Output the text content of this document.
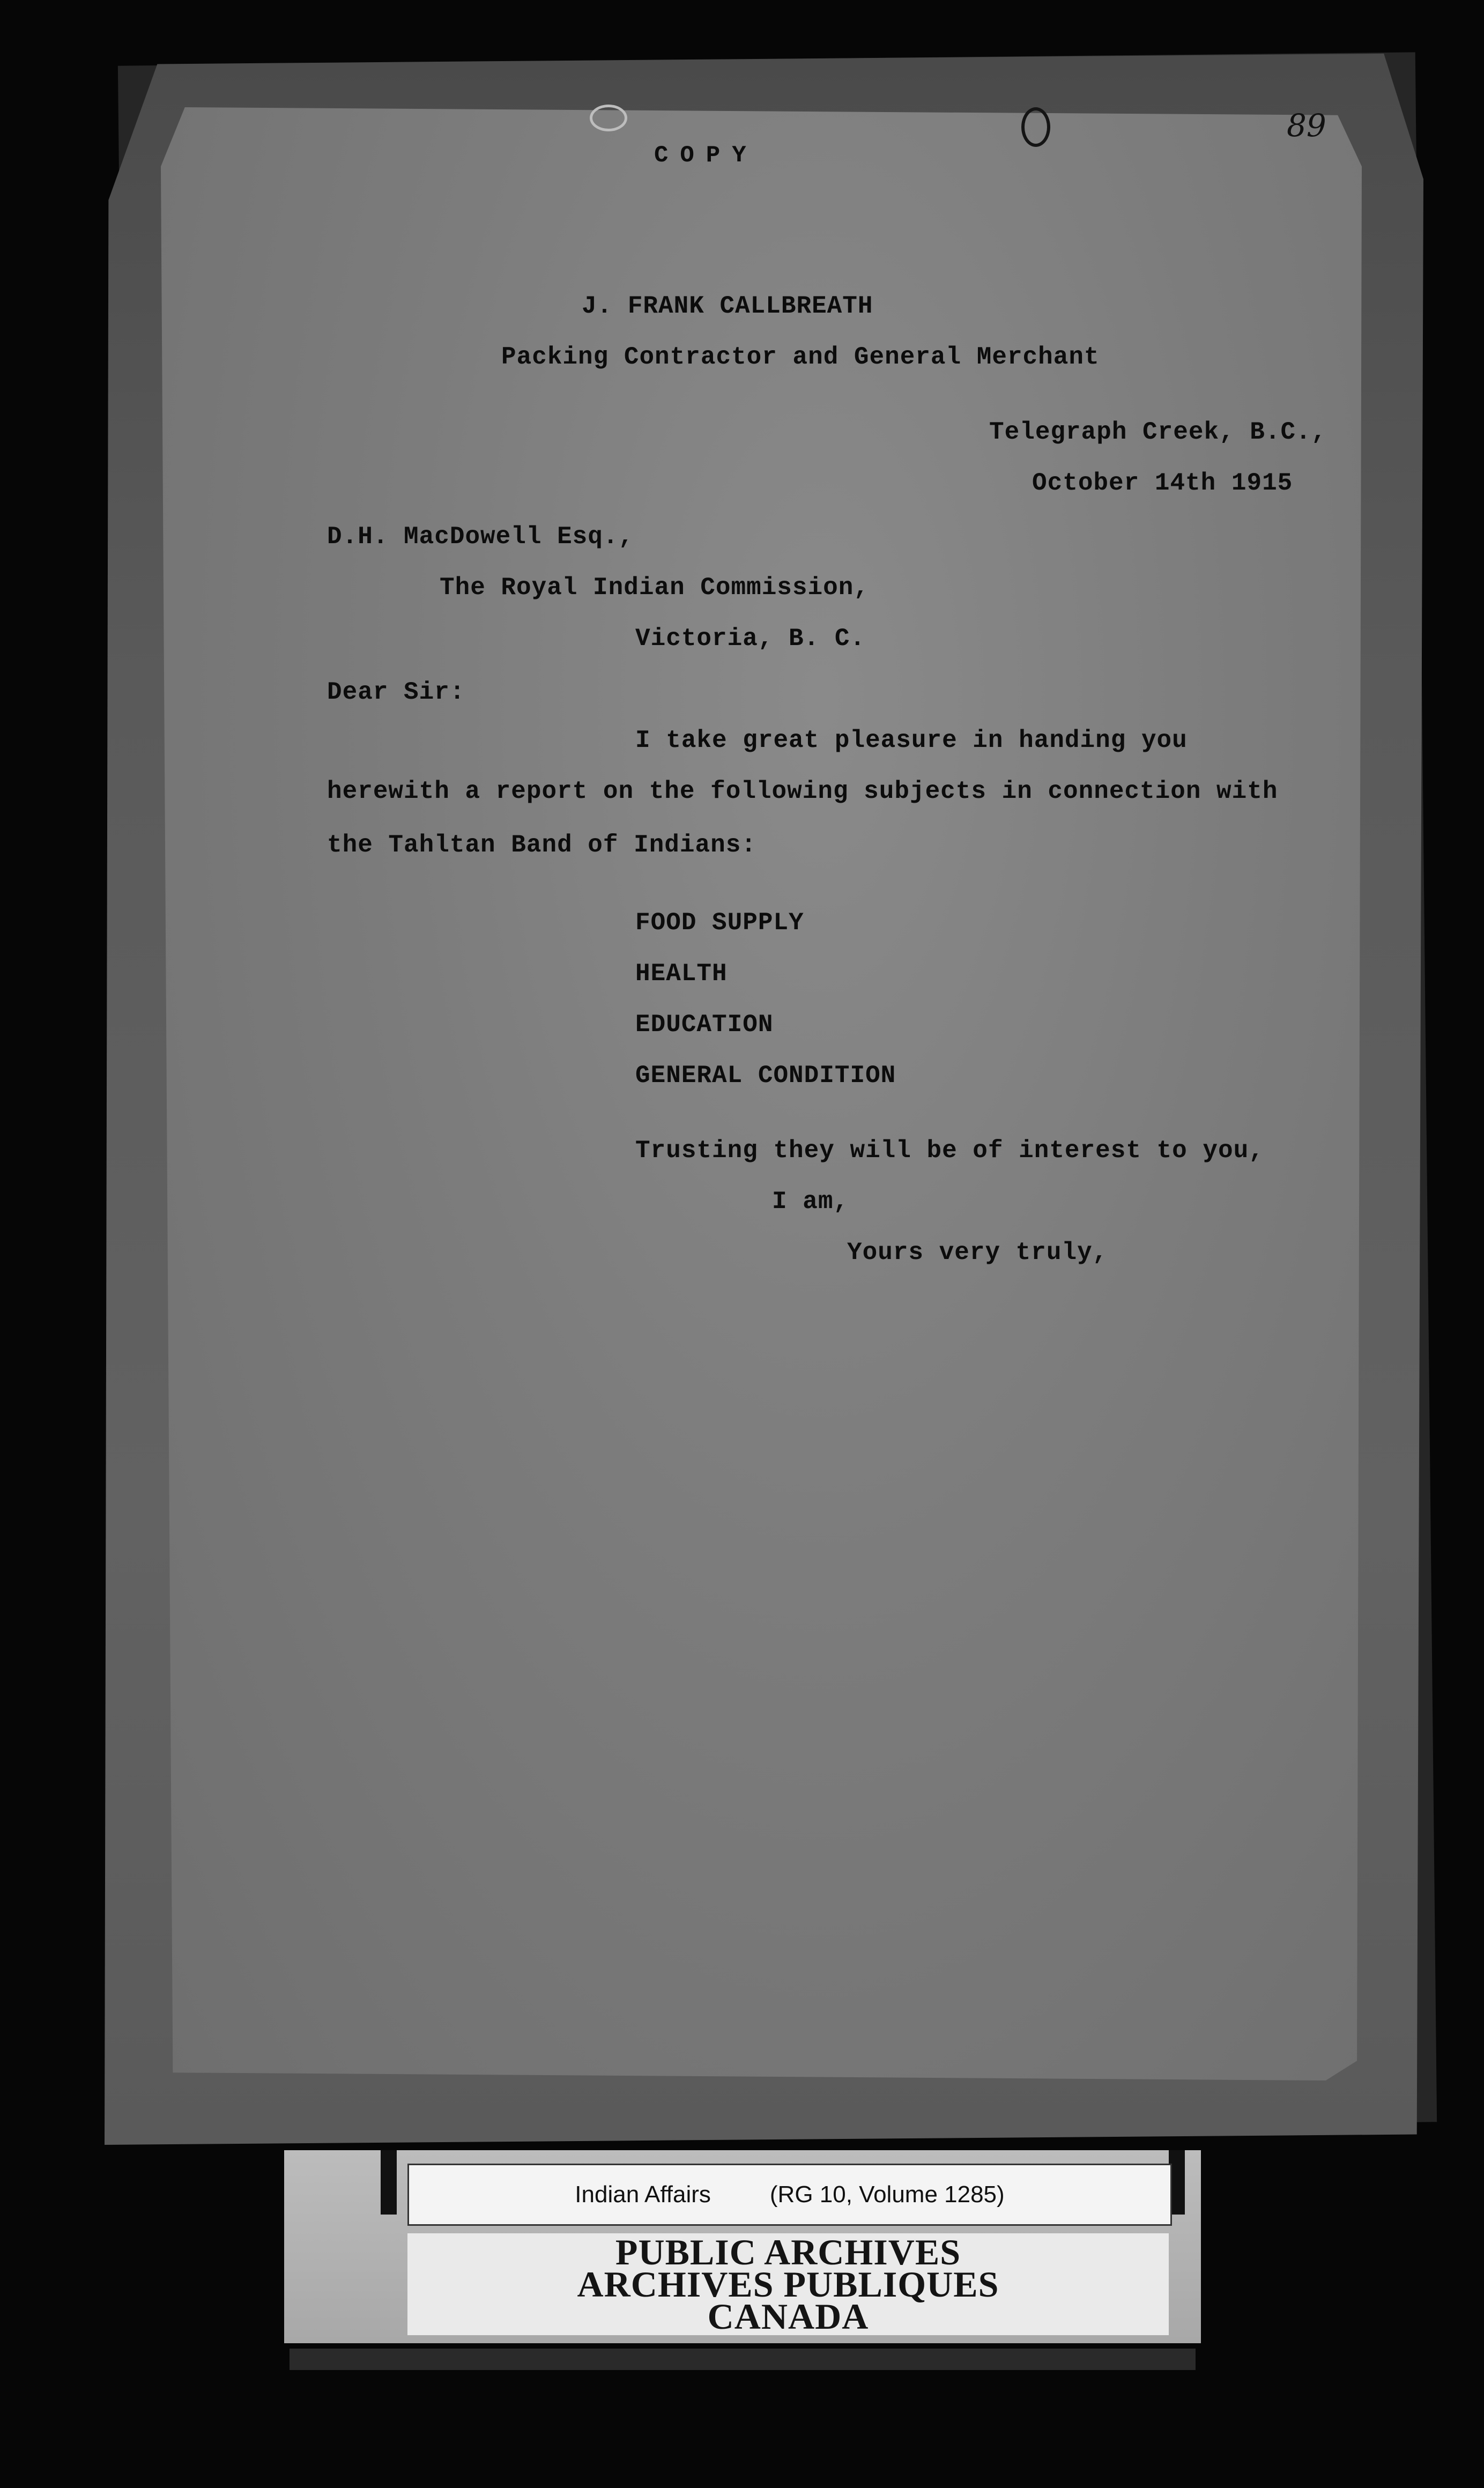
89
COPY
J. FRANK CALLBREATH
Packing Contractor and General Merchant
Telegraph Creek, B.C.,
October 14th 1915
D.H. MacDowell Esq.,
The Royal Indian Commission,
Victoria, B. C.
Dear Sir:
I take great pleasure in handing you
herewith a report on the following subjects in connection with
the Tahltan Band of Indians:
FOOD SUPPLY
HEALTH
EDUCATION
GENERAL CONDITION
Trusting they will be of interest to you,
I am,
Yours very truly,
Indian Affairs	(RG 10, Volume 1285)
PUBLIC ARCHIVES
ARCHIVES PUBLIQUES
CANADA
